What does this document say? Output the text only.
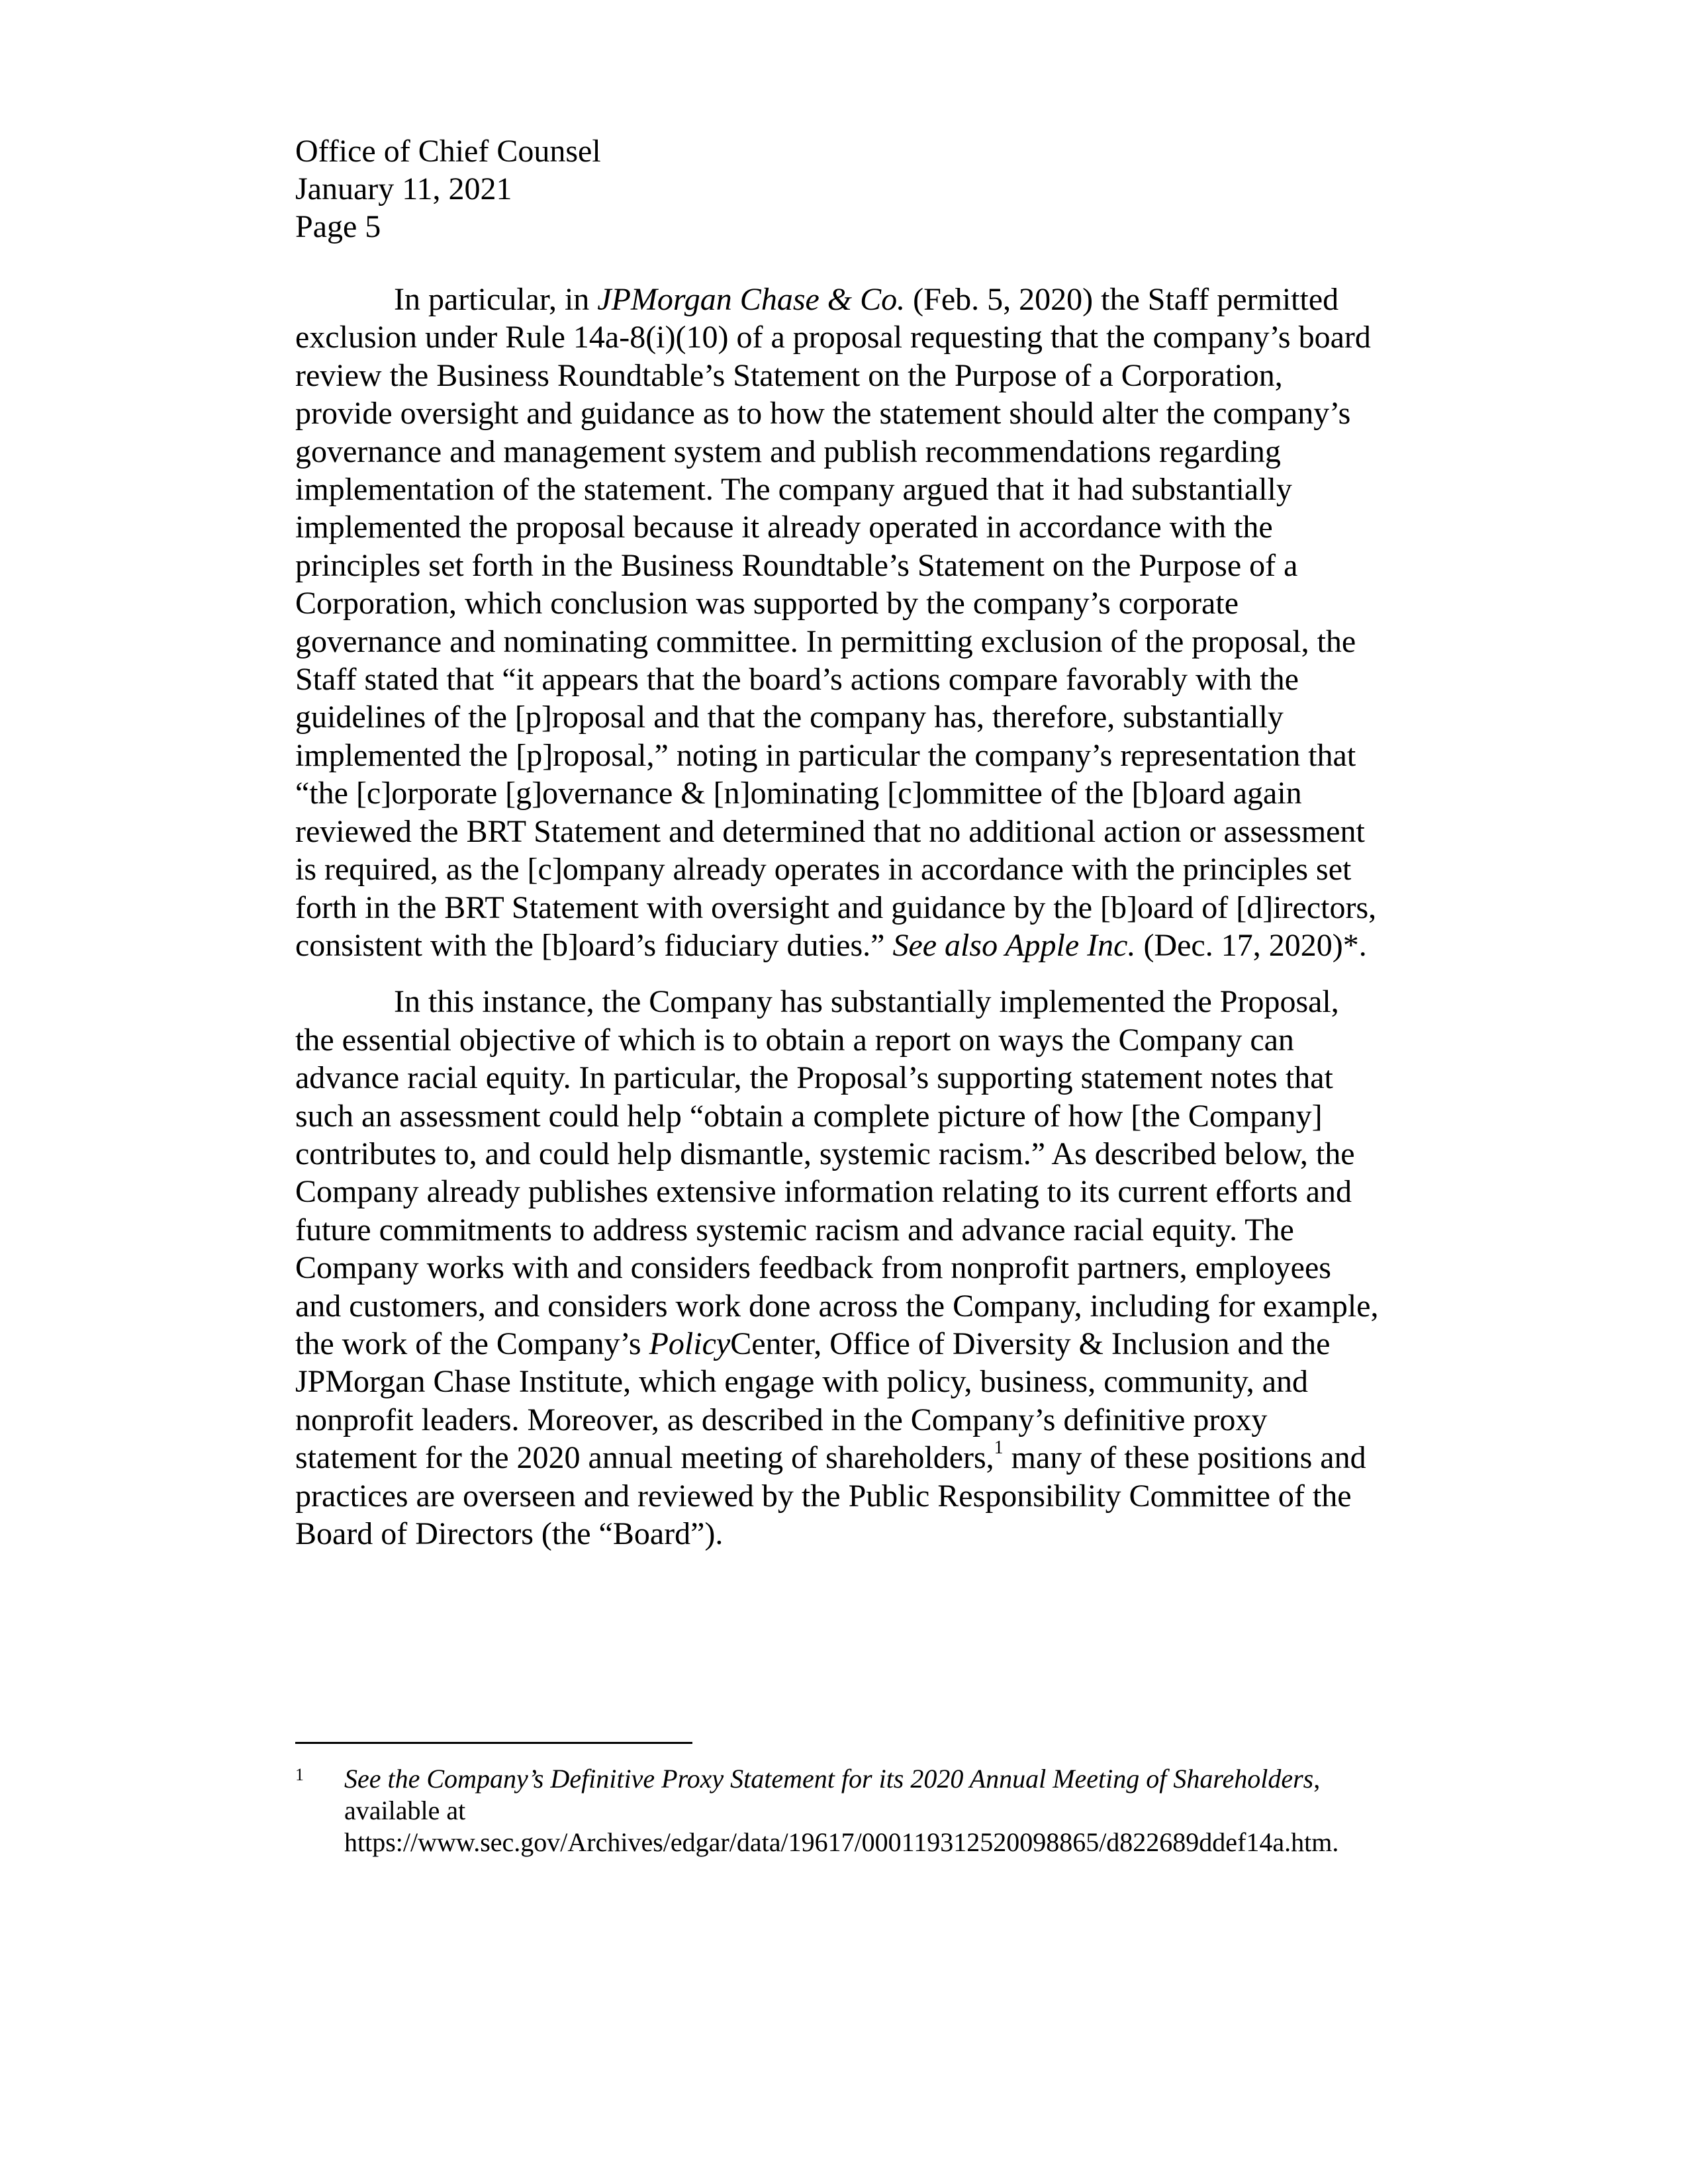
Office of Chief Counsel
January 11, 2021
Page 5

In particular, in JPMorgan Chase & Co. (Feb. 5, 2020) the Staff permitted
exclusion under Rule 14a-8(i)(10) of a proposal requesting that the company’s board
review the Business Roundtable’s Statement on the Purpose of a Corporation,
provide oversight and guidance as to how the statement should alter the company’s
governance and management system and publish recommendations regarding
implementation of the statement. The company argued that it had substantially
implemented the proposal because it already operated in accordance with the
principles set forth in the Business Roundtable’s Statement on the Purpose of a
Corporation, which conclusion was supported by the company’s corporate
governance and nominating committee. In permitting exclusion of the proposal, the
Staff stated that “it appears that the board’s actions compare favorably with the
guidelines of the [p]roposal and that the company has, therefore, substantially
implemented the [p]roposal,” noting in particular the company’s representation that
“the [c]orporate [g]overnance & [n]ominating [c]ommittee of the [b]oard again
reviewed the BRT Statement and determined that no additional action or assessment
is required, as the [c]ompany already operates in accordance with the principles set
forth in the BRT Statement with oversight and guidance by the [b]oard of [d]irectors,
consistent with the [b]oard’s fiduciary duties.” See also Apple Inc. (Dec. 17, 2020)*.

In this instance, the Company has substantially implemented the Proposal,
the essential objective of which is to obtain a report on ways the Company can
advance racial equity. In particular, the Proposal’s supporting statement notes that
such an assessment could help “obtain a complete picture of how [the Company]
contributes to, and could help dismantle, systemic racism.” As described below, the
Company already publishes extensive information relating to its current efforts and
future commitments to address systemic racism and advance racial equity. The
Company works with and considers feedback from nonprofit partners, employees
and customers, and considers work done across the Company, including for example,
the work of the Company’s PolicyCenter, Office of Diversity & Inclusion and the
JPMorgan Chase Institute, which engage with policy, business, community, and
nonprofit leaders. Moreover, as described in the Company’s definitive proxy
statement for the 2020 annual meeting of shareholders,$^1$ many of these positions and
practices are overseen and reviewed by the Public Responsibility Committee of the
Board of Directors (the “Board”).

1 See the Company’s Definitive Proxy Statement for its 2020 Annual Meeting of Shareholders,
available at
https://www.sec.gov/Archives/edgar/data/19617/000119312520098865/d822689ddef14a.htm.
